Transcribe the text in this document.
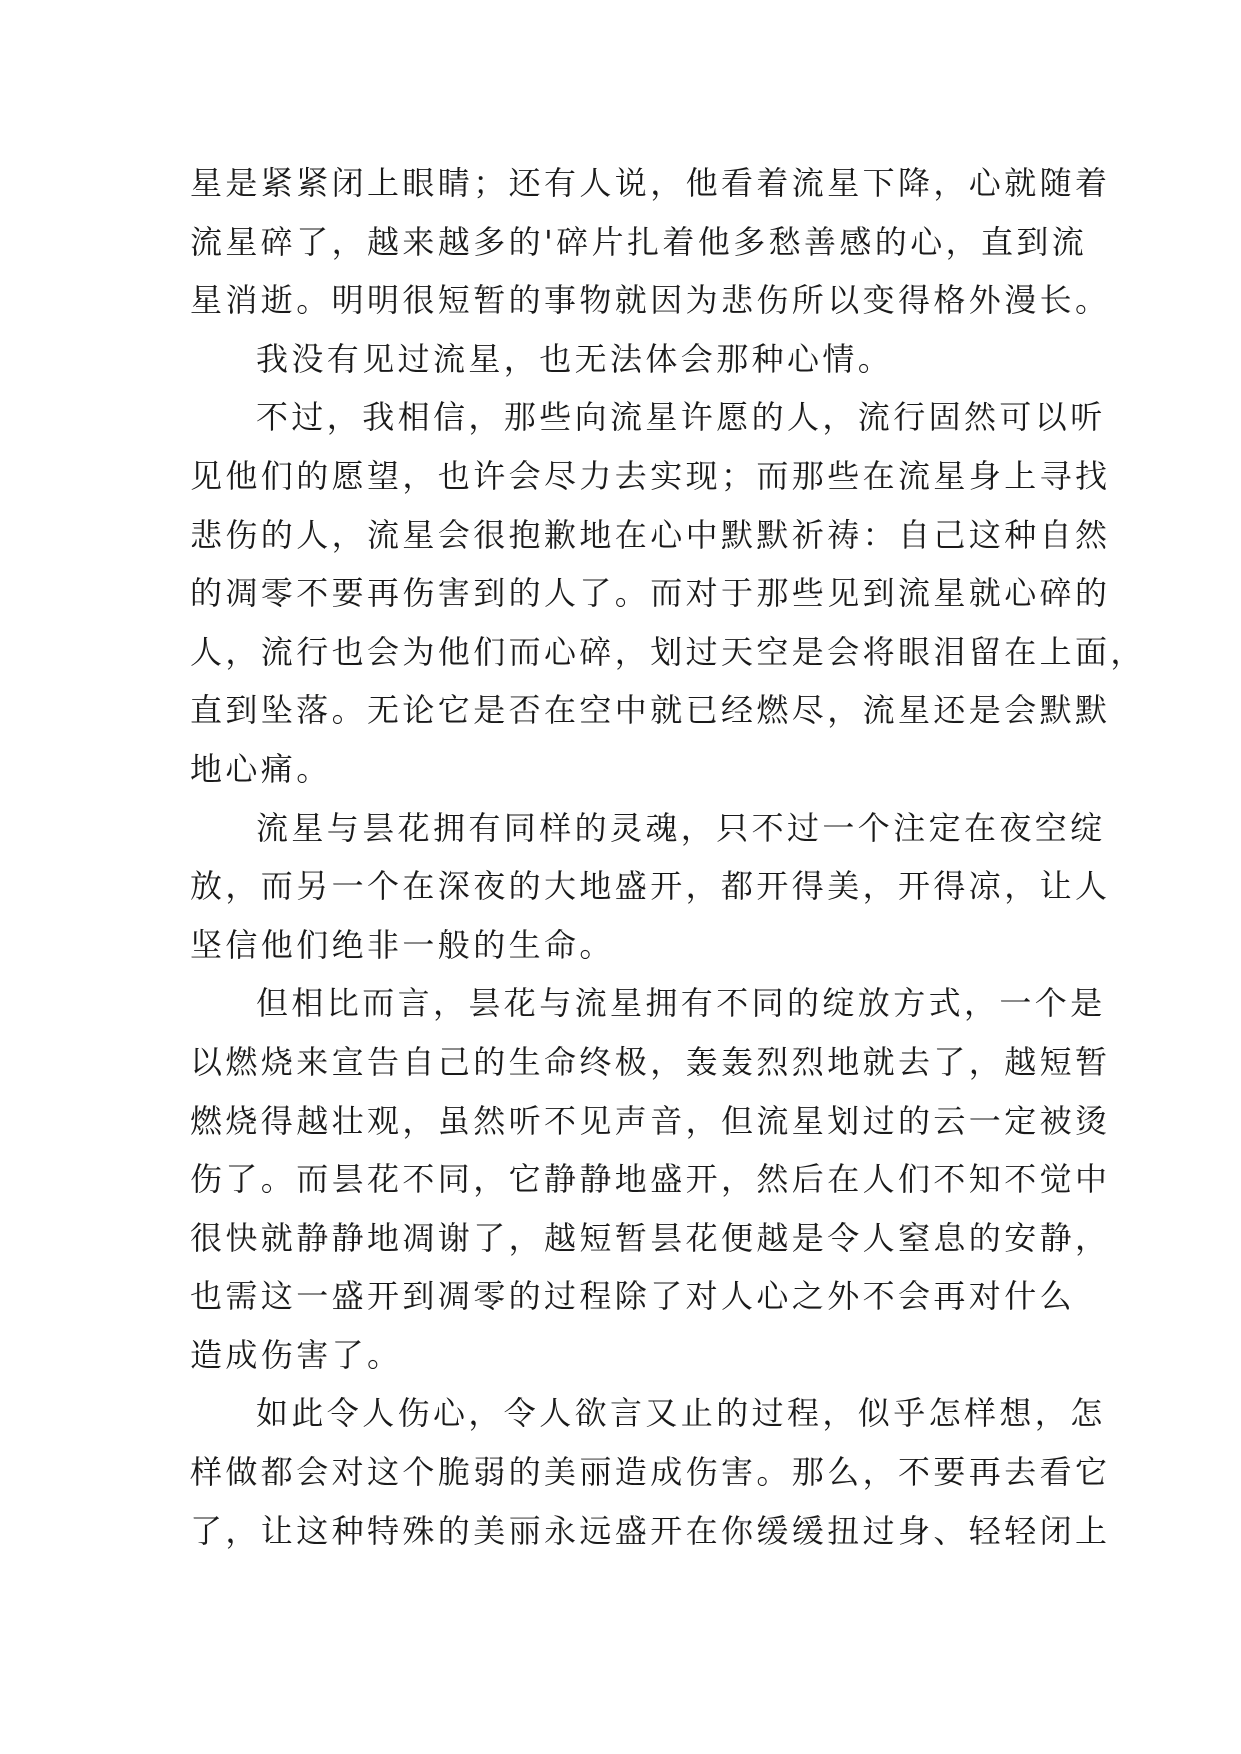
星是紧紧闭上眼睛；还有人说，他看着流星下降，心就随着
流星碎了，越来越多的'碎片扎着他多愁善感的心，直到流
星消逝。明明很短暂的事物就因为悲伤所以变得格外漫长。
我没有见过流星，也无法体会那种心情。
不过，我相信，那些向流星许愿的人，流行固然可以听
见他们的愿望，也许会尽力去实现；而那些在流星身上寻找
悲伤的人，流星会很抱歉地在心中默默祈祷：自己这种自然
的凋零不要再伤害到的人了。而对于那些见到流星就心碎的
人，流行也会为他们而心碎，划过天空是会将眼泪留在上面，
直到坠落。无论它是否在空中就已经燃尽，流星还是会默默
地心痛。
流星与昙花拥有同样的灵魂，只不过一个注定在夜空绽
放，而另一个在深夜的大地盛开，都开得美，开得凉，让人
坚信他们绝非一般的生命。
但相比而言，昙花与流星拥有不同的绽放方式，一个是
以燃烧来宣告自己的生命终极，轰轰烈烈地就去了，越短暂
燃烧得越壮观，虽然听不见声音，但流星划过的云一定被烫
伤了。而昙花不同，它静静地盛开，然后在人们不知不觉中
很快就静静地凋谢了，越短暂昙花便越是令人窒息的安静，
也需这一盛开到凋零的过程除了对人心之外不会再对什么
造成伤害了。
如此令人伤心，令人欲言又止的过程，似乎怎样想，怎
样做都会对这个脆弱的美丽造成伤害。那么，不要再去看它
了，让这种特殊的美丽永远盛开在你缓缓扭过身、轻轻闭上
